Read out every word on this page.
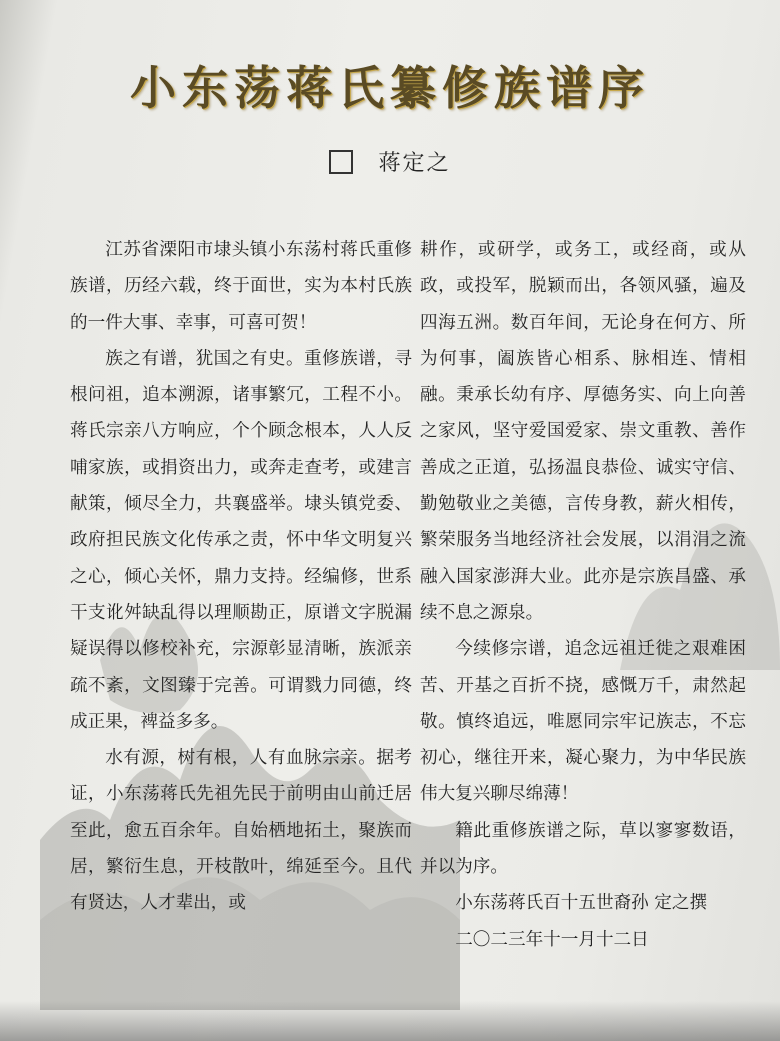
小东荡蒋氏纂修族谱序
蒋定之

江苏省溧阳市埭头镇小东荡村蒋氏重修族谱，历经六载，终于面世，实为本村氏族的一件大事、幸事，可喜可贺！

族之有谱，犹国之有史。重修族谱，寻根问祖，追本溯源，诸事繁冗，工程不小。蒋氏宗亲八方响应，个个顾念根本，人人反哺家族，或捐资出力，或奔走查考，或建言献策，倾尽全力，共襄盛举。埭头镇党委、政府担民族文化传承之责，怀中华文明复兴之心，倾心关怀，鼎力支持。经编修，世系干支讹舛缺乱得以理顺勘正，原谱文字脱漏疑误得以修校补充，宗源彰显清晰，族派亲疏不紊，文图臻于完善。可谓戮力同德，终成正果，裨益多多。

水有源，树有根，人有血脉宗亲。据考证，小东荡蒋氏先祖先民于前明由山前迁居至此，愈五百余年。自始栖地拓土，聚族而居，繁衍生息，开枝散叶，绵延至今。且代有贤达，人才辈出，或

耕作，或研学，或务工，或经商，或从政，或投军，脱颖而出，各领风骚，遍及四海五洲。数百年间，无论身在何方、所为何事，阖族皆心相系、脉相连、情相融。秉承长幼有序、厚德务实、向上向善之家风，坚守爱国爱家、崇文重教、善作善成之正道，弘扬温良恭俭、诚实守信、勤勉敬业之美德，言传身教，薪火相传，繁荣服务当地经济社会发展，以涓涓之流融入国家澎湃大业。此亦是宗族昌盛、承续不息之源泉。

今续修宗谱，追念远祖迁徙之艰难困苦、开基之百折不挠，感慨万千，肃然起敬。慎终追远，唯愿同宗牢记族志，不忘初心，继往开来，凝心聚力，为中华民族伟大复兴聊尽绵薄！

籍此重修族谱之际，草以寥寥数语，并以为序。

小东荡蒋氏百十五世裔孙 定之撰

二〇二三年十一月十二日
